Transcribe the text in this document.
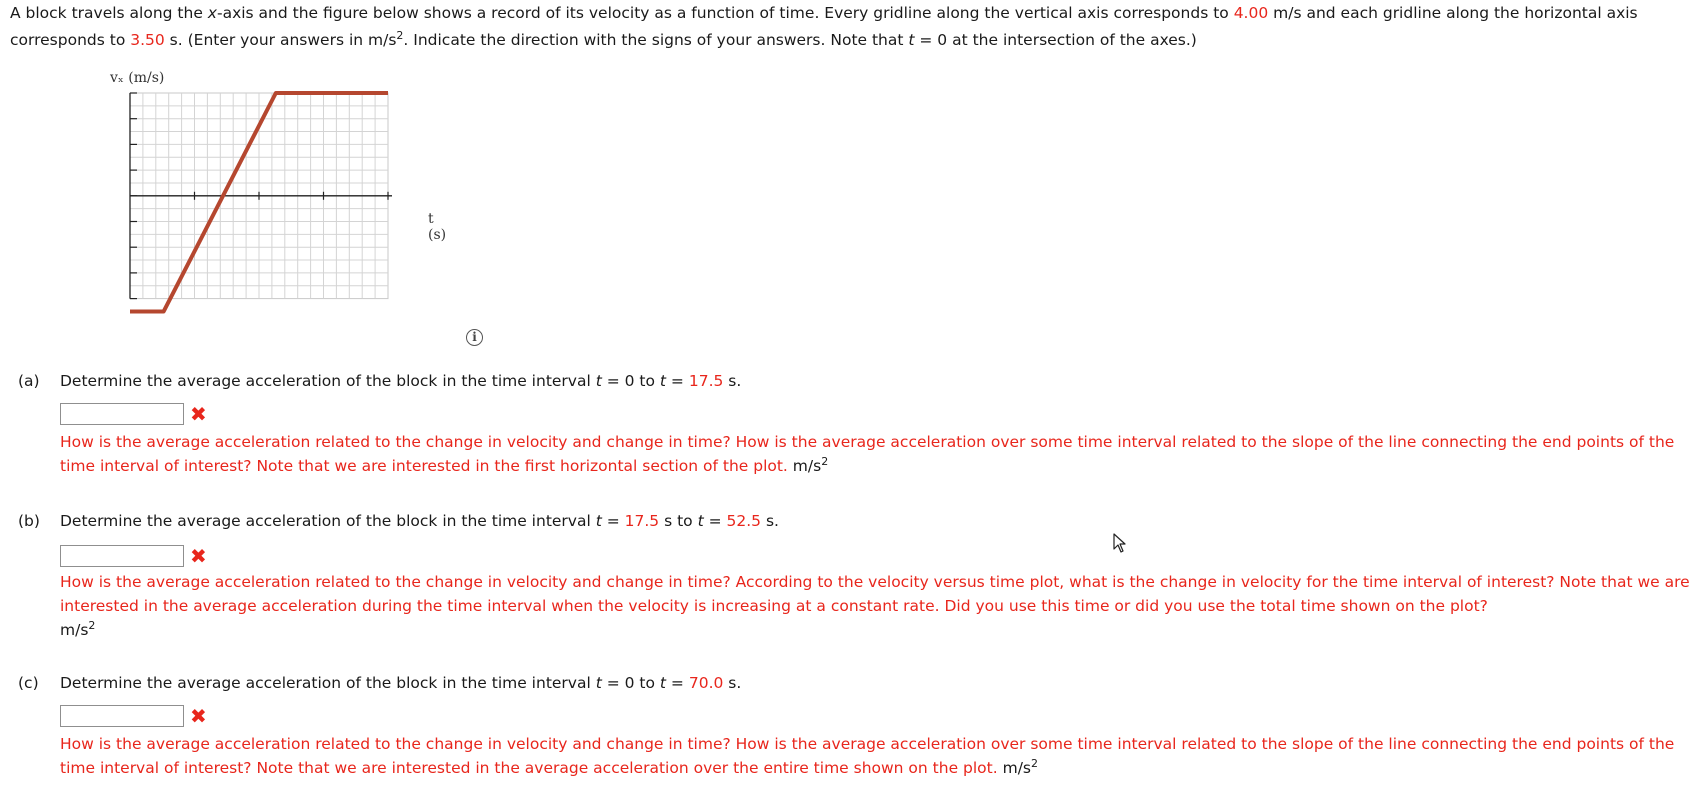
A block travels along the x-axis and the figure below shows a record of its velocity as a function of time. Every gridline along the vertical axis corresponds to 4.00 m/s and each gridline along the horizontal axis corresponds to 3.50 s. (Enter your answers in $m/s^2$. Indicate the direction with the signs of your answers. Note that t = 0 at the intersection of the axes.)
vₓ (m/s)
t (s)
i
(a) Determine the average acceleration of the block in the time interval t = 0 to t = 17.5 s.
✖
How is the average acceleration related to the change in velocity and change in time? How is the average acceleration over some time interval related to the slope of the line connecting the end points of the time interval of interest? Note that we are interested in the first horizontal section of the plot. $m/s^2$
(b) Determine the average acceleration of the block in the time interval t = 17.5 s to t = 52.5 s.
✖
How is the average acceleration related to the change in velocity and change in time? According to the velocity versus time plot, what is the change in velocity for the time interval of interest? Note that we are interested in the average acceleration during the time interval when the velocity is increasing at a constant rate. Did you use this time or did you use the total time shown on the plot?
$m/s^2$
(c) Determine the average acceleration of the block in the time interval t = 0 to t = 70.0 s.
✖
How is the average acceleration related to the change in velocity and change in time? How is the average acceleration over some time interval related to the slope of the line connecting the end points of the time interval of interest? Note that we are interested in the average acceleration over the entire time shown on the plot. $m/s^2$
